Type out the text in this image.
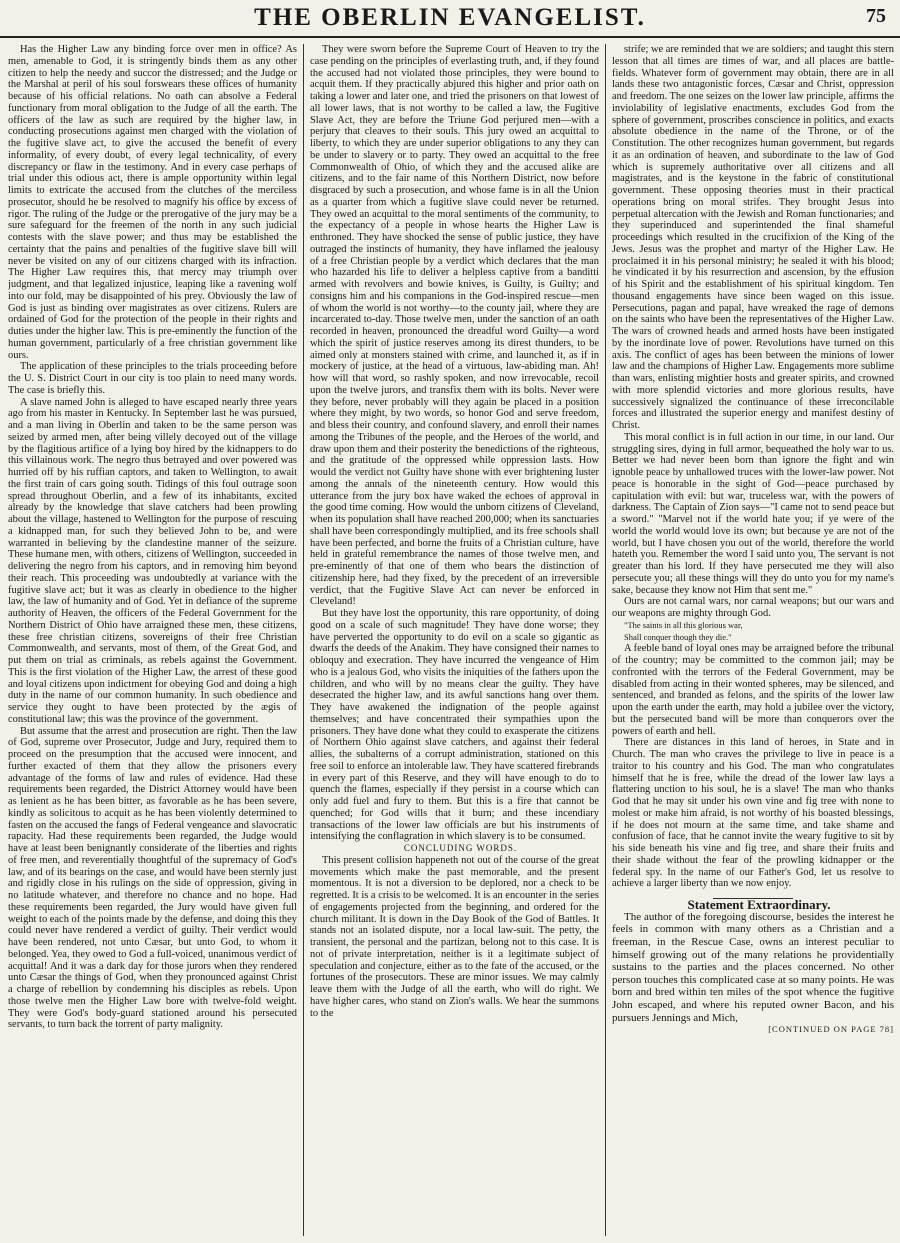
THE OBERLIN EVANGELIST.	75

Has the Higher Law any binding force over men in office? As men, amenable to God, it is stringently binds them as any other citizen to help the needy and succor the distressed; and the Judge or the Marshal at peril of his soul forswears these offices of humanity because of his official relations. No oath can absolve a Federal functionary from moral obligation to the Judge of all the earth. The officers of the law as such are required by the higher law, in conducting prosecutions against men charged with the violation of the fugitive slave act, to give the accused the benefit of every informality, of every doubt, of every legal technicality, of every discrepancy or flaw in the testimony. And in every case perhaps of trial under this odious act, there is ample opportunity within legal limits to extricate the accused from the clutches of the merciless prosecutor, should he be resolved to magnify his office by excess of rigor. The ruling of the Judge or the prerogative of the jury may be a sure safeguard for the freemen of the north in any such judicial contests with the slave power; and thus may be established the certainty that the pains and penalties of the fugitive slave bill will never be visited on any of our citizens charged with its infraction. The Higher Law requires this, that mercy may triumph over judgment, and that legalized injustice, leaping like a ravening wolf into our fold, may be disappointed of his prey. Obviously the law of God is just as binding over magistrates as over citizens. Rulers are ordained of God for the protection of the people in their rights and duties under the higher law. This is pre-eminently the function of the human government, particularly of a free christian government like ours.

The application of these principles to the trials proceeding before the U. S. District Court in our city is too plain to need many words. The case is briefly this.

A slave named John is alleged to have escaped nearly three years ago from his master in Kentucky. In September last he was pursued, and a man living in Oberlin and taken to be the same person was seized by armed men, after being villely decoyed out of the village by the flagitious artifice of a lying boy hired by the kidnappers to do this villainous work. The negro thus betrayed and over powered was hurried off by his ruffian captors, and taken to Wellington, to await the first train of cars going south. Tidings of this foul outrage soon spread throughout Oberlin, and a few of its inhabitants, excited already by the knowledge that slave catchers had been prowling about the village, hastened to Wellington for the purpose of rescuing a kidnapped man, for such they believed John to be, and were warranted in believing by the clandestine manner of the seizure. These humane men, with others, citizens of Wellington, succeeded in delivering the negro from his captors, and in removing him beyond their reach. This proceeding was undoubtedly at variance with the fugitive slave act; but it was as clearly in obedience to the higher law, the law of humanity and of God. Yet in defiance of the supreme authority of Heaven, the officers of the Federal Government for the Northern District of Ohio have arraigned these men, these citizens, these free christian citizens, sovereigns of their free Christian Commonwealth, and servants, most of them, of the Great God, and put them on trial as criminals, as rebels against the Government. This is the first violation of the Higher Law, the arrest of these good and loyal citizens upon indictment for obeying God and doing a high duty in the name of our common humanity. In such obedience and service they ought to have been protected by the ægis of constitutional law; this was the province of the government.

But assume that the arrest and prosecution are right. Then the law of God, supreme over Prosecutor, Judge and Jury, required them to proceed on the presumption that the accused were innocent, and further exacted of them that they allow the prisoners every advantage of the forms of law and rules of evidence. Had these requirements been regarded, the District Attorney would have been as lenient as he has been bitter, as favorable as he has been severe, kindly as solicitous to acquit as he has been violently determined to fasten on the accused the fangs of Federal vengeance and slavocratic rapacity. Had these requirements been regarded, the Judge would have at least been benignantly considerate of the liberties and rights of free men, and reverentially thoughtful of the supremacy of God's law, and of its bearings on the case, and would have been sternly just and rigidly close in his rulings on the side of oppression, giving in no latitude whatever, and therefore no chance and no hope. Had these requirements been regarded, the Jury would have given full weight to each of the points made by the defense, and doing this they could never have rendered a verdict of guilty. Their verdict would have been rendered, not unto Cæsar, but unto God, to whom it belonged. Yea, they owed to God a full-voiced, unanimous verdict of acquittal! And it was a dark day for those jurors when they rendered unto Cæsar the things of God, when they pronounced against Christ a charge of rebellion by condemning his disciples as rebels. Upon those twelve men the Higher Law bore with twelve-fold weight. They were God's body-guard stationed around his persecuted servants, to turn back the torrent of party malignity.

They were sworn before the Supreme Court of Heaven to try the case pending on the principles of everlasting truth, and, if they found the accused had not violated those principles, they were bound to acquit them. If they practically abjured this higher and prior oath on taking a lower and later one, and tried the prisoners on that lowest of all lower laws, that is not worthy to be called a law, the Fugitive Slave Act, they are before the Triune God perjured men—with a perjury that cleaves to their souls. This jury owed an acquittal to liberty, to which they are under superior obligations to any they can be under to slavery or to party. They owed an acquittal to the free Commonwealth of Ohio, of which they and the accused alike are citizens, and to the fair name of this Northern District, now before disgraced by such a prosecution, and whose fame is in all the Union as a quarter from which a fugitive slave could never be returned. They owed an acquittal to the moral sentiments of the community, to the expectancy of a people in whose hearts the Higher Law is enthroned. They have shocked the sense of public justice, they have outraged the instincts of humanity, they have inflamed the jealousy of a free Christian people by a verdict which declares that the man who hazarded his life to deliver a helpless captive from a banditti armed with revolvers and bowie knives, is Guilty, is Guilty; and consigns him and his companions in the God-inspired rescue—men of whom the world is not worthy—to the county jail, where they are incarcerated to-day. Those twelve men, under the sanction of an oath recorded in heaven, pronounced the dreadful word Guilty—a word which the spirit of justice reserves among its direst thunders, to be aimed only at monsters stained with crime, and launched it, as if in mockery of justice, at the head of a virtuous, law-abiding man. Ah! how will that word, so rashly spoken, and now irrevocable, recoil upon the twelve jurors, and transfix them with its bolts. Never were they before, never probably will they again be placed in a position where they might, by two words, so honor God and serve freedom, and bless their country, and confound slavery, and enroll their names among the Tribunes of the people, and the Heroes of the world, and draw upon them and their posterity the benedictions of the righteous, and the gratitude of the oppressed while oppression lasts. How would the verdict not Guilty have shone with ever brightening luster among the annals of the nineteenth century. How would this utterance from the jury box have waked the echoes of approval in the good time coming. How would the unborn citizens of Cleveland, when its population shall have reached 200,000; when its sanctuaries shall have been correspondingly multiplied, and its free schools shall have been perfected, and borne the fruits of a Christian culture, have held in grateful remembrance the names of those twelve men, and pre-eminently of that one of them who bears the distinction of citizenship here, had they fixed, by the precedent of an irreversible verdict, that the Fugitive Slave Act can never be enforced in Cleveland!

But they have lost the opportunity, this rare opportunity, of doing good on a scale of such magnitude! They have done worse; they have perverted the opportunity to do evil on a scale so gigantic as dwarfs the deeds of the Anakim. They have consigned their names to obloquy and execration. They have incurred the vengeance of Him who is a jealous God, who visits the iniquities of the fathers upon the children, and who will by no means clear the guilty. They have desecrated the higher law, and its awful sanctions hang over them. They have awakened the indignation of the people against themselves; and have concentrated their sympathies upon the prisoners. They have done what they could to exasperate the citizens of Northern Ohio against slave catchers, and against their federal allies, the subalterns of a corrupt administration, stationed on this free soil to enforce an intolerable law. They have scattered firebrands in every part of this Reserve, and they will have enough to do to quench the flames, especially if they persist in a course which can only add fuel and fury to them. But this is a fire that cannot be quenched; for God wills that it burn; and these incendiary transactions of the lower law officials are but his instruments of intensifying the conflagration in which slavery is to be consumed.

CONCLUDING WORDS.

This present collision happeneth not out of the course of the great movements which make the past memorable, and the present momentous. It is not a diversion to be deplored, nor a check to be regretted. It is a crisis to be welcomed. It is an encounter in the series of engagements projected from the beginning, and ordered for the church militant. It is down in the Day Book of the God of Battles. It stands not an isolated dispute, nor a local law-suit. The petty, the transient, the personal and the partizan, belong not to this case. It is not of private interpretation, neither is it a legitimate subject of speculation and conjecture, either as to the fate of the accused, or the fortunes of the prosecutors. These are minor issues. We may calmly leave them with the Judge of all the earth, who will do right. We have higher cares, who stand on Zion's walls. We hear the summons to the

strife; we are reminded that we are soldiers; and taught this stern lesson that all times are times of war, and all places are battle-fields. Whatever form of government may obtain, there are in all lands these two antagonistic forces, Cæsar and Christ, oppression and freedom. The one seizes on the lower law principle, affirms the inviolability of legislative enactments, excludes God from the sphere of government, proscribes conscience in politics, and exacts absolute obedience in the name of the Throne, or of the Constitution. The other recognizes human government, but regards it as an ordination of heaven, and subordinate to the law of God which is supremely authoritative over all citizens and all magistrates, and is the keystone in the fabric of constitutional government. These opposing theories must in their practical operations bring on moral strifes. They brought Jesus into perpetual altercation with the Jewish and Roman functionaries; and they superinduced and superintended the final shameful proceedings which resulted in the crucifixion of the King of the Jews. Jesus was the prophet and martyr of the Higher Law. He proclaimed it in his personal ministry; he sealed it with his blood; he vindicated it by his resurrection and ascension, by the effusion of his Spirit and the establishment of his spiritual kingdom. Ten thousand engagements have since been waged on this issue. Persecutions, pagan and papal, have wreaked the rage of demons on the saints who have been the representatives of the Higher Law. The wars of crowned heads and armed hosts have been instigated by the inordinate love of power. Revolutions have turned on this axis. The conflict of ages has been between the minions of lower law and the champions of Higher Law. Engagements more sublime than wars, enlisting mightier hosts and greater spirits, and crowned with more splendid victories and more glorious results, have successively signalized the continuance of these irreconcilable forces and illustrated the superior energy and manifest destiny of Christ.

This moral conflict is in full action in our time, in our land. Our struggling sires, dying in full armor, bequeathed the holy war to us. Better we had never been born than ignore the fight and win ignoble peace by unhallowed truces with the lower-law power. Not peace is honorable in the sight of God—peace purchased by capitulation with evil: but war, truceless war, with the powers of darkness. The Captain of Zion says—"I came not to send peace but a sword." "Marvel not if the world hate you; if ye were of the world the world would love its own; but because ye are not of the world, but I have chosen you out of the world, therefore the world hateth you. Remember the word I said unto you, The servant is not greater than his lord. If they have persecuted me they will also persecute you; all these things will they do unto you for my name's sake, because they know not Him that sent me."

Ours are not carnal wars, nor carnal weapons; but our wars and our weapons are mighty through God.

"The saints in all this glorious war,

Shall conquer though they die."

A feeble band of loyal ones may be arraigned before the tribunal of the country; may be committed to the common jail; may be confronted with the terrors of the Federal Government, may be disabled from acting in their wonted spheres, may be silenced, and sentenced, and branded as felons, and the spirits of the lower law upon the earth under the earth, may hold a jubilee over the victory, but the persecuted band will be more than conquerors over the powers of earth and hell.

There are distances in this land of heroes, in State and in Church. The man who craves the privilege to live in peace is a traitor to his country and his God. The man who congratulates himself that he is free, while the dread of the lower law lays a flattering unction to his soul, he is a slave! The man who thanks God that he may sit under his own vine and fig tree with none to molest or make him afraid, is not worthy of his boasted blessings, if he does not mourn at the same time, and take shame and confusion of face, that he cannot invite the weary fugitive to sit by his side beneath his vine and fig tree, and share their fruits and their shade without the fear of the prowling kidnapper or the federal spy. In the name of our Father's God, let us resolve to achieve a larger liberty than we now enjoy.

Statement Extraordinary.

The author of the foregoing discourse, besides the interest he feels in common with many others as a Christian and a freeman, in the Rescue Case, owns an interest peculiar to himself growing out of the many relations he providentially sustains to the parties and the places concerned. No other person touches this complicated case at so many points. He was born and bred within ten miles of the spot whence the fugitive John escaped, and where his reputed owner Bacon, and his pursuers Jennings and Mich,

[CONTINUED ON PAGE 78]
